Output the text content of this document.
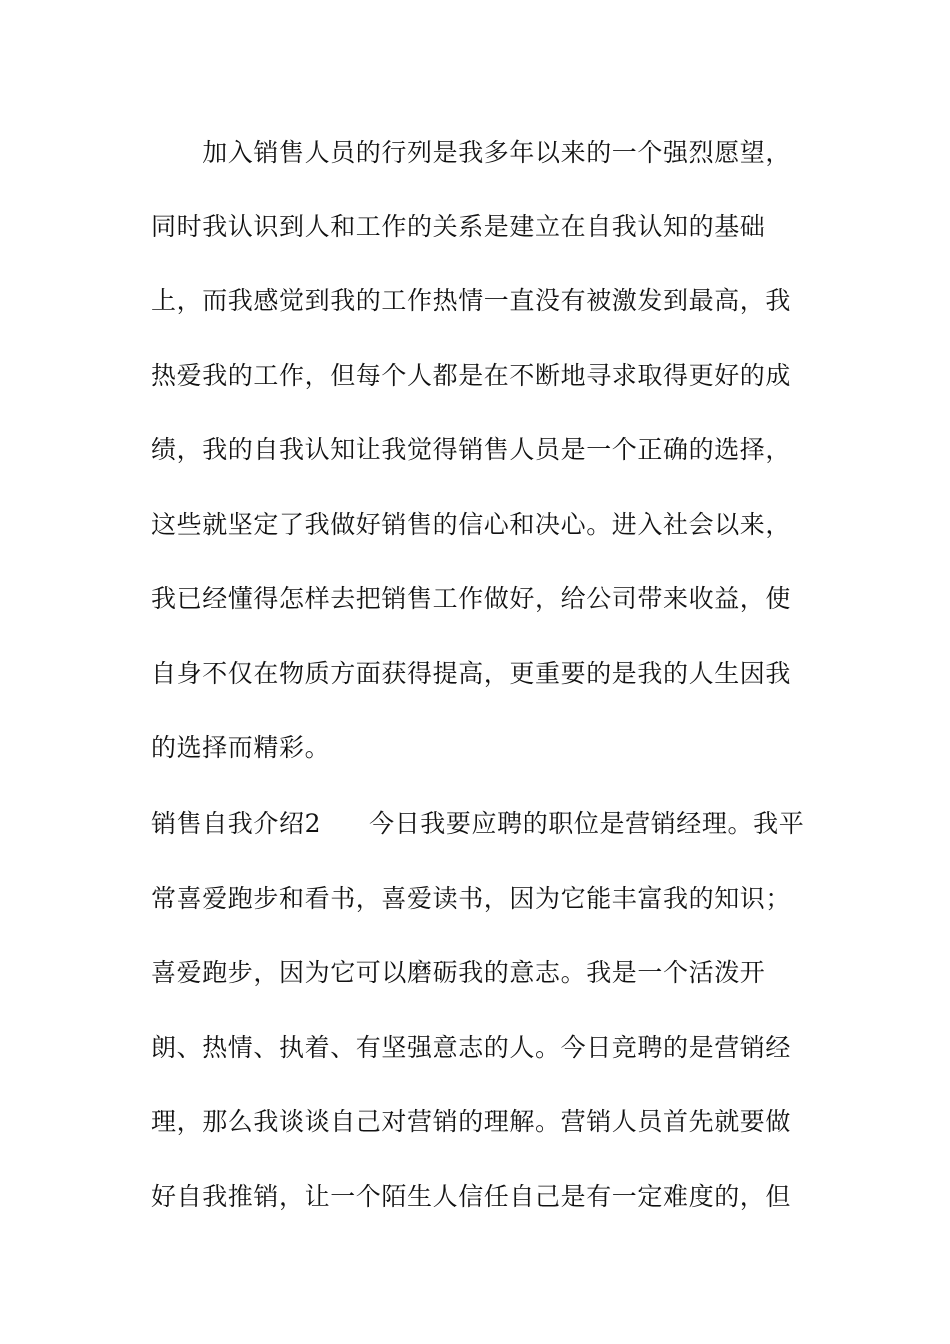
　　加入销售人员的行列是我多年以来的一个强烈愿望，
同时我认识到人和工作的关系是建立在自我认知的基础
上，而我感觉到我的工作热情一直没有被激发到最高，我
热爱我的工作，但每个人都是在不断地寻求取得更好的成
绩，我的自我认知让我觉得销售人员是一个正确的选择，
这些就坚定了我做好销售的信心和决心。进入社会以来，
我已经懂得怎样去把销售工作做好，给公司带来收益，使
自身不仅在物质方面获得提高，更重要的是我的人生因我
的选择而精彩。
销售自我介绍2 今日我要应聘的职位是营销经理。我平
常喜爱跑步和看书，喜爱读书，因为它能丰富我的知识；
喜爱跑步，因为它可以磨砺我的意志。我是一个活泼开
朗、热情、执着、有坚强意志的人。今日竞聘的是营销经
理，那么我谈谈自己对营销的理解。营销人员首先就要做
好自我推销，让一个陌生人信任自己是有一定难度的，但
